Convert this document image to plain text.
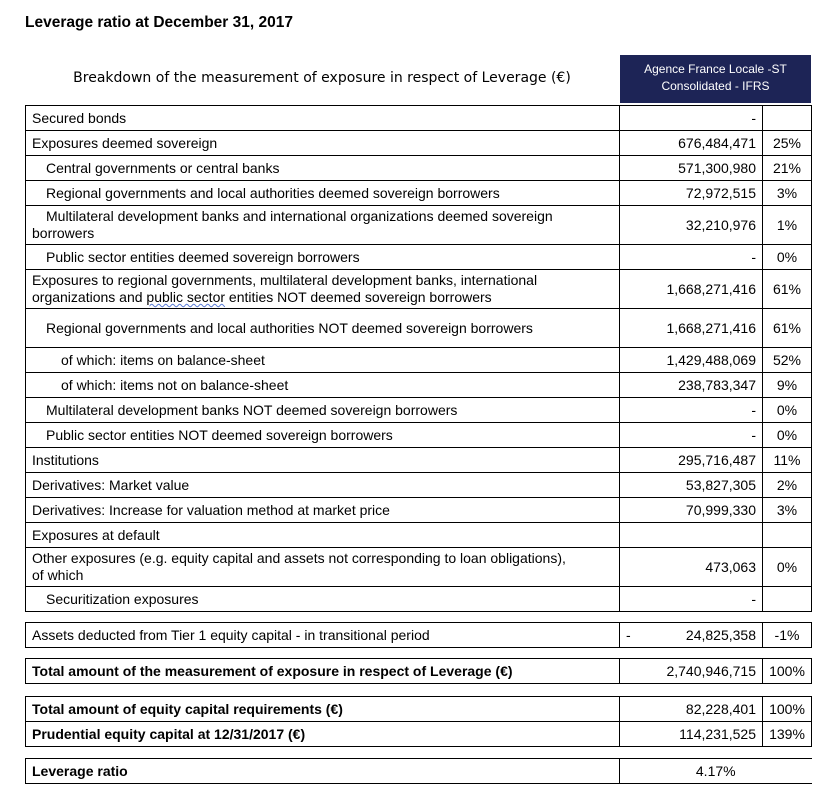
Leverage ratio at December 31, 2017
Breakdown of the measurement of exposure in respect of Leverage (€)
Agence France Locale -ST
Consolidated - IFRS
Secured bonds	-	
Exposures deemed sovereign	676,484,471	25%
Central governments or central banks	571,300,980	21%
Regional governments and local authorities deemed sovereign borrowers	72,972,515	3%

Multilateral development banks and international organizations deemed sovereign
borrowers	32,210,976	1%
Public sector entities deemed sovereign borrowers	-	0%

Exposures to regional governments, multilateral development banks, international
organizations and public sector entities NOT deemed sovereign borrowers	1,668,271,416	61%
Regional governments and local authorities NOT deemed sovereign borrowers	1,668,271,416	61%
of which: items on balance-sheet	1,429,488,069	52%
of which: items not on balance-sheet	238,783,347	9%
Multilateral development banks NOT deemed sovereign borrowers	-	0%
Public sector entities NOT deemed sovereign borrowers	-	0%
Institutions	295,716,487	11%
Derivatives: Market value	53,827,305	2%
Derivatives: Increase for valuation method at market price	70,999,330	3%
Exposures at default		

Other exposures (e.g. equity capital and assets not corresponding to loan obligations),
of which	473,063	0%
Securitization exposures	-	
Assets deducted from Tier 1 equity capital - in transitional period	-	24,825,358	-1%
Total amount of the measurement of exposure in respect of Leverage (€)	2,740,946,715	100%
Total amount of equity capital requirements (€)	82,228,401	100%
Prudential equity capital at 12/31/2017 (€)	114,231,525	139%
Leverage ratio	4.17%
